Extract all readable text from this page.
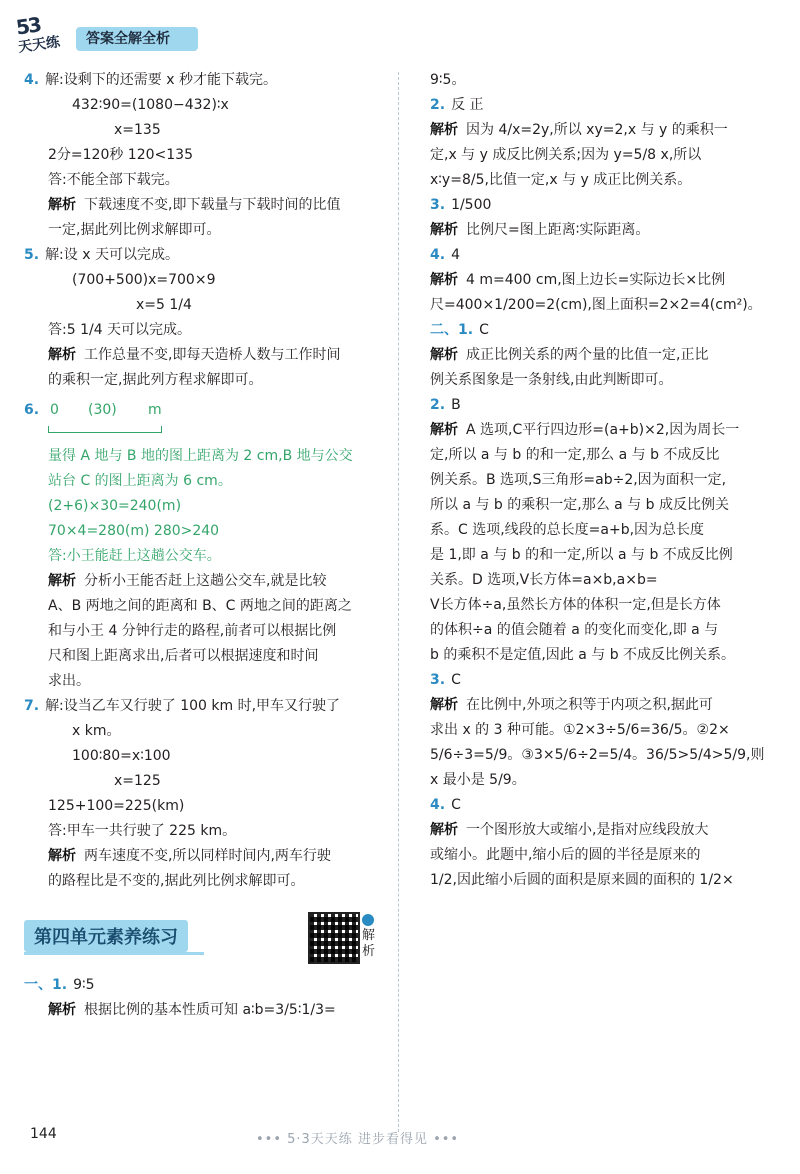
53
天天练	答案全解全析
4. 解:设剩下的还需要 x 秒才能下载完。
432∶90=(1080−432)∶x
x=135
2分=120秒 120<135
答:不能全部下载完。
解析 下载速度不变,即下载量与下载时间的比值
一定,据此列比例求解即可。
5. 解:设 x 天可以完成。
(700+500)x=700×9
x=5 1/4
答:5 1/4 天可以完成。
解析 工作总量不变,即每天造桥人数与工作时间
的乘积一定,据此列方程求解即可。
6. 0 (30) m
量得 A 地与 B 地的图上距离为 2 cm,B 地与公交
站台 C 的图上距离为 6 cm。
(2+6)×30=240(m)
70×4=280(m) 280>240
答:小王能赶上这趟公交车。
解析 分析小王能否赶上这趟公交车,就是比较
A、B 两地之间的距离和 B、C 两地之间的距离之
和与小王 4 分钟行走的路程,前者可以根据比例
尺和图上距离求出,后者可以根据速度和时间
求出。
7. 解:设当乙车又行驶了 100 km 时,甲车又行驶了
x km。
100∶80=x∶100
x=125
125+100=225(km)
答:甲车一共行驶了 225 km。
解析 两车速度不变,所以同样时间内,两车行驶
的路程比是不变的,据此列比例求解即可。
第四单元素养练习	解析
一、1. 9∶5
解析 根据比例的基本性质可知 a∶b=3/5∶1/3=
9∶5。
2. 反 正
解析 因为 4/x=2y,所以 xy=2,x 与 y 的乘积一
定,x 与 y 成反比例关系;因为 y=5/8 x,所以
x∶y=8/5,比值一定,x 与 y 成正比例关系。
3. 1/500
解析 比例尺=图上距离∶实际距离。
4. 4
解析 4 m=400 cm,图上边长=实际边长×比例
尺=400×1/200=2(cm),图上面积=2×2=4(cm²)。
二、1. C
解析 成正比例关系的两个量的比值一定,正比
例关系图象是一条射线,由此判断即可。
2. B
解析 A 选项,C平行四边形=(a+b)×2,因为周长一
定,所以 a 与 b 的和一定,那么 a 与 b 不成反比
例关系。B 选项,S三角形=ab÷2,因为面积一定,
所以 a 与 b 的乘积一定,那么 a 与 b 成反比例关
系。C 选项,线段的总长度=a+b,因为总长度
是 1,即 a 与 b 的和一定,所以 a 与 b 不成反比例
关系。D 选项,V长方体=a×b,a×b=
V长方体÷a,虽然长方体的体积一定,但是长方体
的体积÷a 的值会随着 a 的变化而变化,即 a 与
b 的乘积不是定值,因此 a 与 b 不成反比例关系。
3. C
解析 在比例中,外项之积等于内项之积,据此可
求出 x 的 3 种可能。①2×3÷5/6=36/5。②2×
5/6÷3=5/9。③3×5/6÷2=5/4。36/5>5/4>5/9,则
x 最小是 5/9。
4. C
解析 一个图形放大或缩小,是指对应线段放大
或缩小。此题中,缩小后的圆的半径是原来的
1/2,因此缩小后圆的面积是原来圆的面积的 1/2×
144	••• 5·3天天练 进步看得见 •••
